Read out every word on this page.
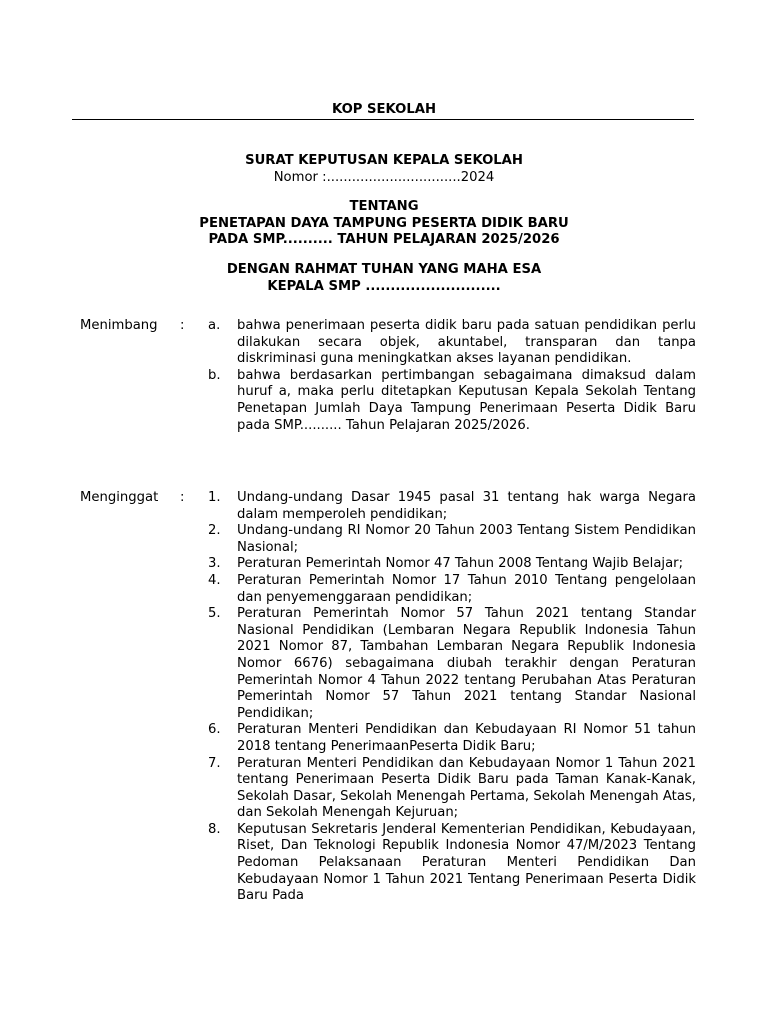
KOP SEKOLAH
SURAT KEPUTUSAN KEPALA SEKOLAH
Nomor :................................2024
TENTANG
PENETAPAN DAYA TAMPUNG PESERTA DIDIK BARU
PADA SMP.......... TAHUN PELAJARAN 2025/2026
DENGAN RAHMAT TUHAN YANG MAHA ESA
KEPALA SMP ...........................
Menimbang	:	a.	bahwa penerimaan peserta didik baru pada satuan pendidikan perlu dilakukan secara objek, akuntabel, transparan dan tanpa diskriminasi guna meningkatkan akses layanan pendidikan.
b.	bahwa berdasarkan pertimbangan sebagaimana dimaksud dalam huruf a, maka perlu ditetapkan Keputusan Kepala Sekolah Tentang Penetapan Jumlah Daya Tampung Penerimaan Peserta Didik Baru pada SMP.......... Tahun Pelajaran 2025/2026.
Menginggat	:	1.	Undang-undang Dasar 1945 pasal 31 tentang hak warga Negara dalam memperoleh pendidikan;
2.	Undang-undang RI Nomor 20 Tahun 2003 Tentang Sistem Pendidikan Nasional;
3.	Peraturan Pemerintah Nomor 47 Tahun 2008 Tentang Wajib Belajar;
4.	Peraturan Pemerintah Nomor 17 Tahun 2010 Tentang pengelolaan dan penyemenggaraan pendidikan;
5.	Peraturan Pemerintah Nomor 57 Tahun 2021 tentang Standar Nasional Pendidikan (Lembaran Negara Republik Indonesia Tahun 2021 Nomor 87, Tambahan Lembaran Negara Republik Indonesia Nomor 6676) sebagaimana diubah terakhir dengan Peraturan Pemerintah Nomor 4 Tahun 2022 tentang Perubahan Atas Peraturan Pemerintah Nomor 57 Tahun 2021 tentang Standar Nasional Pendidikan;
6.	Peraturan Menteri Pendidikan dan Kebudayaan RI Nomor 51 tahun 2018 tentang PenerimaanPeserta Didik Baru;
7.	Peraturan Menteri Pendidikan dan Kebudayaan Nomor 1 Tahun 2021 tentang Penerimaan Peserta Didik Baru pada Taman Kanak-Kanak, Sekolah Dasar, Sekolah Menengah Pertama, Sekolah Menengah Atas, dan Sekolah Menengah Kejuruan;
8.	Keputusan Sekretaris Jenderal Kementerian Pendidikan, Kebudayaan, Riset, Dan Teknologi Republik Indonesia Nomor 47/M/2023 Tentang Pedoman Pelaksanaan Peraturan Menteri Pendidikan Dan Kebudayaan Nomor 1 Tahun 2021 Tentang Penerimaan Peserta Didik Baru Pada
